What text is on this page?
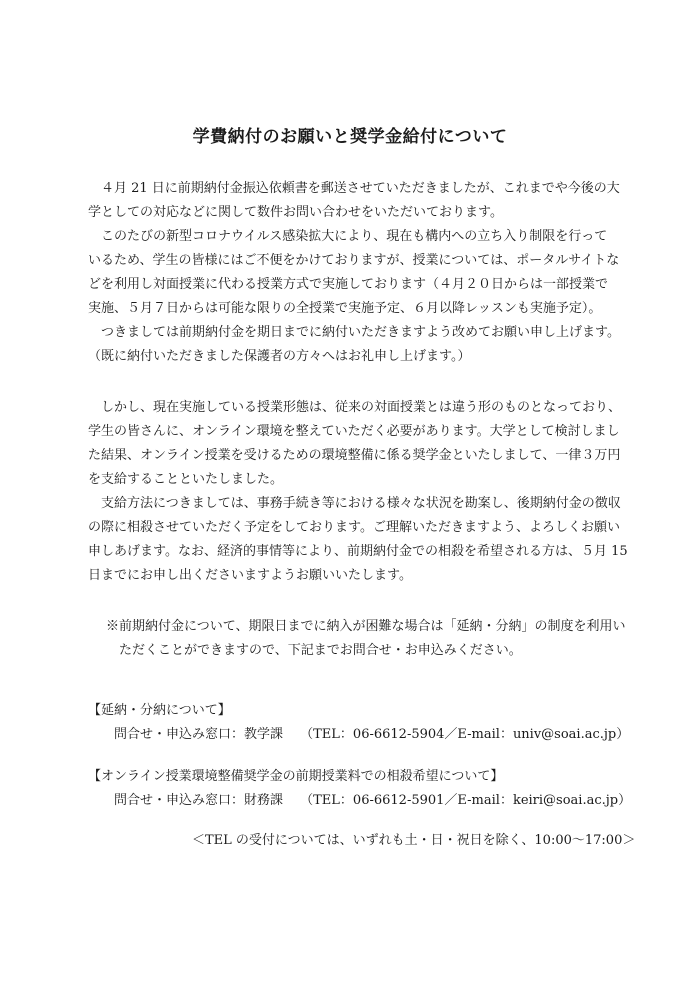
学費納付のお願いと奨学金給付について

　４月 21 日に前期納付金振込依頼書を郵送させていただきましたが、これまでや今後の大

学としての対応などに関して数件お問い合わせをいただいております。

　このたびの新型コロナウイルス感染拡大により、現在も構内への立ち入り制限を行って

いるため、学生の皆様にはご不便をかけておりますが、授業については、ポータルサイトな

どを利用し対面授業に代わる授業方式で実施しております（４月２０日からは一部授業で

実施、５月７日からは可能な限りの全授業で実施予定、６月以降レッスンも実施予定）。

　つきましては前期納付金を期日までに納付いただきますよう改めてお願い申し上げます。

（既に納付いただきました保護者の方々へはお礼申し上げます。）

　しかし、現在実施している授業形態は、従来の対面授業とは違う形のものとなっており、

学生の皆さんに、オンライン環境を整えていただく必要があります。大学として検討しまし

た結果、オンライン授業を受けるための環境整備に係る奨学金といたしまして、一律３万円

を支給することといたしました。

　支給方法につきましては、事務手続き等における様々な状況を勘案し、後期納付金の徴収

の際に相殺させていただく予定をしております。ご理解いただきますよう、よろしくお願い

申しあげます。なお、経済的事情等により、前期納付金での相殺を希望される方は、５月 15

日までにお申し出くださいますようお願いいたします。

※前期納付金について、期限日までに納入が困難な場合は「延納・分納」の制度を利用い

　ただくことができますので、下記までお問合せ・お申込みください。

【延納・分納について】

　　問合せ・申込み窓口：教学課　 （TEL：06-6612-5904／E-mail：univ@soai.ac.jp）

【オンライン授業環境整備奨学金の前期授業料での相殺希望について】

　　問合せ・申込み窓口：財務課　 （TEL：06-6612-5901／E-mail：keiri@soai.ac.jp）

＜TEL の受付については、いずれも土・日・祝日を除く、10:00～17:00＞
